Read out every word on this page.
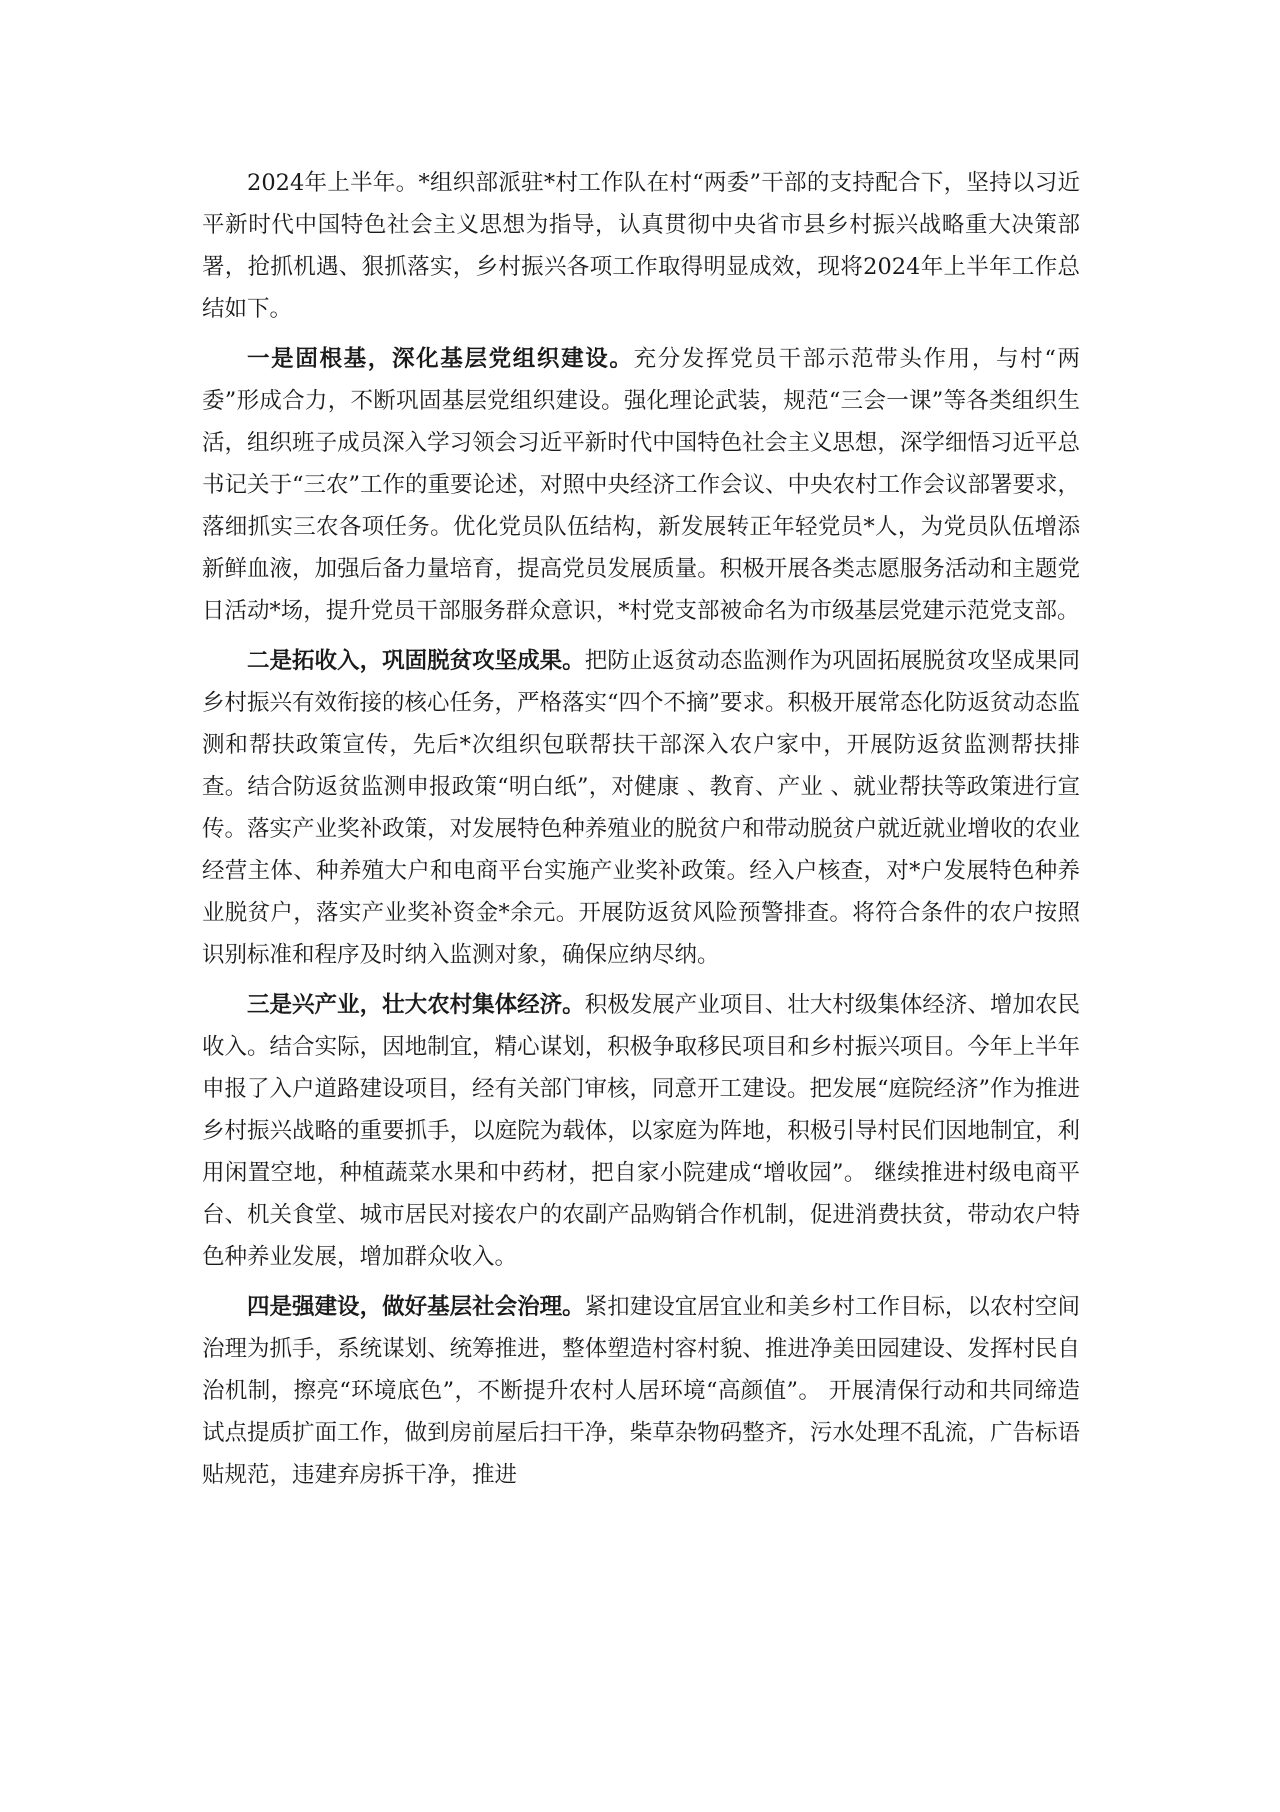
2024年上半年。*组织部派驻*村工作队在村“两委”干部的支持配合下，坚持以习近平新时代中国特色社会主义思想为指导，认真贯彻中央省市县乡村振兴战略重大决策部署，抢抓机遇、狠抓落实，乡村振兴各项工作取得明显成效，现将2024年上半年工作总结如下。

一是固根基，深化基层党组织建设。充分发挥党员干部示范带头作用，与村“两委”形成合力，不断巩固基层党组织建设。强化理论武装，规范“三会一课”等各类组织生活，组织班子成员深入学习领会习近平新时代中国特色社会主义思想，深学细悟习近平总书记关于“三农”工作的重要论述，对照中央经济工作会议、中央农村工作会议部署要求，落细抓实三农各项任务。优化党员队伍结构，新发展转正年轻党员*人，为党员队伍增添新鲜血液，加强后备力量培育，提高党员发展质量。积极开展各类志愿服务活动和主题党日活动*场，提升党员干部服务群众意识，*村党支部被命名为市级基层党建示范党支部。

二是拓收入，巩固脱贫攻坚成果。把防止返贫动态监测作为巩固拓展脱贫攻坚成果同乡村振兴有效衔接的核心任务，严格落实“四个不摘”要求。积极开展常态化防返贫动态监测和帮扶政策宣传，先后*次组织包联帮扶干部深入农户家中，开展防返贫监测帮扶排查。结合防返贫监测申报政策“明白纸”，对健康 、教育、产业 、就业帮扶等政策进行宣传。落实产业奖补政策，对发展特色种养殖业的脱贫户和带动脱贫户就近就业增收的农业经营主体、种养殖大户和电商平台实施产业奖补政策。经入户核查，对*户发展特色种养业脱贫户，落实产业奖补资金*余元。开展防返贫风险预警排查。将符合条件的农户按照识别标准和程序及时纳入监测对象，确保应纳尽纳。

三是兴产业，壮大农村集体经济。积极发展产业项目、壮大村级集体经济、增加农民收入。结合实际，因地制宜，精心谋划，积极争取移民项目和乡村振兴项目。今年上半年申报了入户道路建设项目，经有关部门审核，同意开工建设。把发展“庭院经济”作为推进乡村振兴战略的重要抓手，以庭院为载体，以家庭为阵地，积极引导村民们因地制宜，利用闲置空地，种植蔬菜水果和中药材，把自家小院建成“增收园”。 继续推进村级电商平台、机关食堂、城市居民对接农户的农副产品购销合作机制，促进消费扶贫，带动农户特色种养业发展，增加群众收入。

四是强建设，做好基层社会治理。紧扣建设宜居宜业和美乡村工作目标，以农村空间治理为抓手，系统谋划、统筹推进，整体塑造村容村貌、推进净美田园建设、发挥村民自治机制，擦亮“环境底色”，不断提升农村人居环境“高颜值”。 开展清保行动和共同缔造试点提质扩面工作，做到房前屋后扫干净，柴草杂物码整齐，污水处理不乱流，广告标语贴规范，违建弃房拆干净，推进
